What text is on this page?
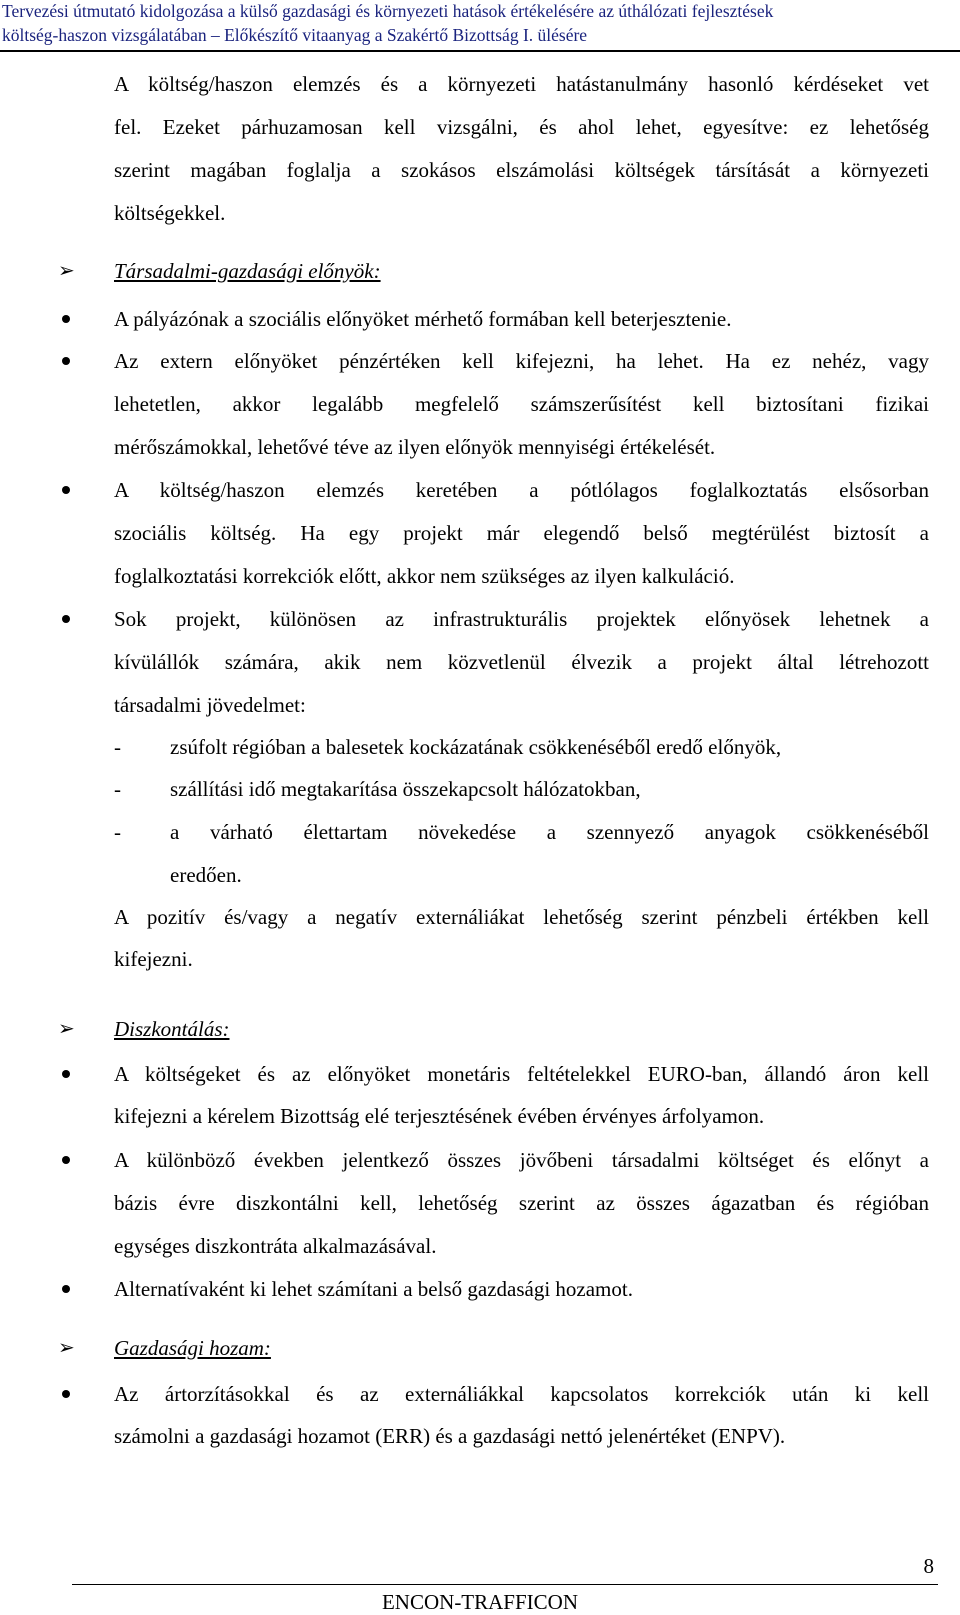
Tervezési útmutató kidolgozása a külső gazdasági és környezeti hatások értékelésére az úthálózati fejlesztések
költség-haszon vizsgálatában – Előkészítő vitaanyag a Szakértő Bizottság I. ülésére
A költség/haszon elemzés és a környezeti hatástanulmány hasonló kérdéseket vet
fel. Ezeket párhuzamosan kell vizsgálni, és ahol lehet, egyesítve: ez lehetőség
szerint magában foglalja a szokásos elszámolási költségek társítását a környezeti
költségekkel.
➢ Társadalmi-gazdasági előnyök:
A pályázónak a szociális előnyöket mérhető formában kell beterjesztenie.
Az extern előnyöket pénzértéken kell kifejezni, ha lehet. Ha ez nehéz, vagy
lehetetlen, akkor legalább megfelelő számszerűsítést kell biztosítani fizikai
mérőszámokkal, lehetővé téve az ilyen előnyök mennyiségi értékelését.
A költség/haszon elemzés keretében a pótlólagos foglalkoztatás elsősorban
szociális költség. Ha egy projekt már elegendő belső megtérülést biztosít a
foglalkoztatási korrekciók előtt, akkor nem szükséges az ilyen kalkuláció.
Sok projekt, különösen az infrastrukturális projektek előnyösek lehetnek a
kívülállók számára, akik nem közvetlenül élvezik a projekt által létrehozott
társadalmi jövedelmet:
- zsúfolt régióban a balesetek kockázatának csökkenéséből eredő előnyök,
- szállítási idő megtakarítása összekapcsolt hálózatokban,
- a várható élettartam növekedése a szennyező anyagok csökkenéséből
eredően.
A pozitív és/vagy a negatív externáliákat lehetőség szerint pénzbeli értékben kell
kifejezni.
➢ Diszkontálás:
A költségeket és az előnyöket monetáris feltételekkel EURO-ban, állandó áron kell
kifejezni a kérelem Bizottság elé terjesztésének évében érvényes árfolyamon.
A különböző években jelentkező összes jövőbeni társadalmi költséget és előnyt a
bázis évre diszkontálni kell, lehetőség szerint az összes ágazatban és régióban
egységes diszkontráta alkalmazásával.
Alternatívaként ki lehet számítani a belső gazdasági hozamot.
➢ Gazdasági hozam:
Az ártorzításokkal és az externáliákkal kapcsolatos korrekciók után ki kell
számolni a gazdasági hozamot (ERR) és a gazdasági nettó jelenértéket (ENPV).
8
ENCON-TRAFFICON
